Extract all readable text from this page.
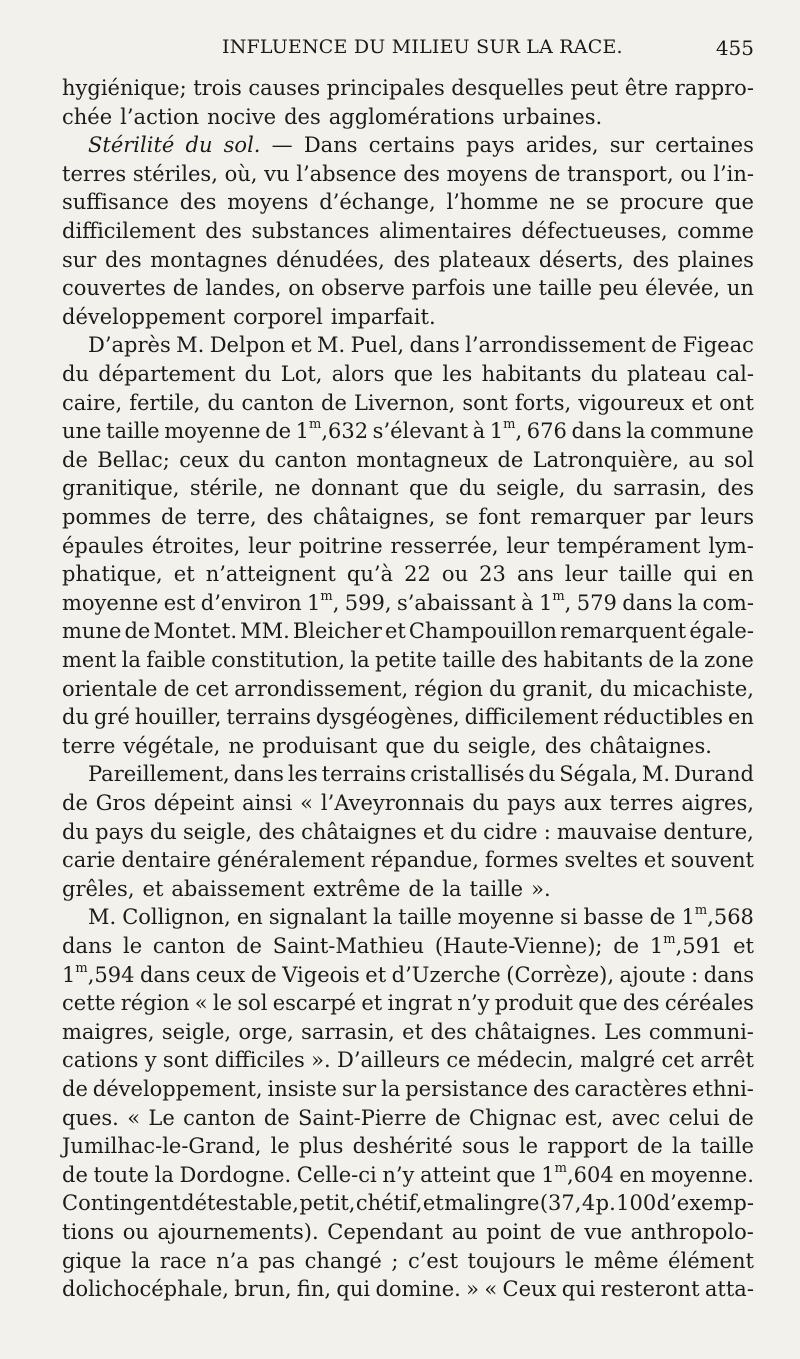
INFLUENCE DU MILIEU SUR LA RACE.	455
hygiénique; trois causes principales desquelles peut être rappro-
chée l’action nocive des agglomérations urbaines.
Stérilité du sol. — Dans certains pays arides, sur certaines
terres stériles, où, vu l’absence des moyens de transport, ou l’in-
suffisance des moyens d’échange, l’homme ne se procure que
difficilement des substances alimentaires défectueuses, comme
sur des montagnes dénudées, des plateaux déserts, des plaines
couvertes de landes, on observe parfois une taille peu élevée, un
développement corporel imparfait.
D’après M. Delpon et M. Puel, dans l’arrondissement de Figeac
du département du Lot, alors que les habitants du plateau cal-
caire, fertile, du canton de Livernon, sont forts, vigoureux et ont
une taille moyenne de 1$^m$,632 s’élevant à 1$^m$, 676 dans la commune
de Bellac; ceux du canton montagneux de Latronquière, au sol
granitique, stérile, ne donnant que du seigle, du sarrasin, des
pommes de terre, des châtaignes, se font remarquer par leurs
épaules étroites, leur poitrine resserrée, leur tempérament lym-
phatique, et n’atteignent qu’à 22 ou 23 ans leur taille qui en
moyenne est d’environ 1$^m$, 599, s’abaissant à 1$^m$, 579 dans la com-
mune de Montet. MM. Bleicher et Champouillon remarquent égale-
ment la faible constitution, la petite taille des habitants de la zone
orientale de cet arrondissement, région du granit, du micachiste,
du gré houiller, terrains dysgéogènes, difficilement réductibles en
terre végétale, ne produisant que du seigle, des châtaignes.
Pareillement, dans les terrains cristallisés du Ségala, M. Durand
de Gros dépeint ainsi « l’Aveyronnais du pays aux terres aigres,
du pays du seigle, des châtaignes et du cidre : mauvaise denture,
carie dentaire généralement répandue, formes sveltes et souvent
grêles, et abaissement extrême de la taille ».
M. Collignon, en signalant la taille moyenne si basse de 1$^m$,568
dans le canton de Saint-Mathieu (Haute-Vienne); de 1$^m$,591 et
1$^m$,594 dans ceux de Vigeois et d’Uzerche (Corrèze), ajoute : dans
cette région « le sol escarpé et ingrat n’y produit que des céréales
maigres, seigle, orge, sarrasin, et des châtaignes. Les communi-
cations y sont difficiles ». D’ailleurs ce médecin, malgré cet arrêt
de développement, insiste sur la persistance des caractères ethni-
ques. « Le canton de Saint-Pierre de Chignac est, avec celui de
Jumilhac-le-Grand, le plus deshérité sous le rapport de la taille
de toute la Dordogne. Celle-ci n’y atteint que 1$^m$,604 en moyenne.
Contingent détestable, petit, chétif, et malingre (37, 4 p. 100 d’exemp-
tions ou ajournements). Cependant au point de vue anthropolo-
gique la race n’a pas changé ; c’est toujours le même élément
dolichocéphale, brun, fin, qui domine. » « Ceux qui resteront atta-
